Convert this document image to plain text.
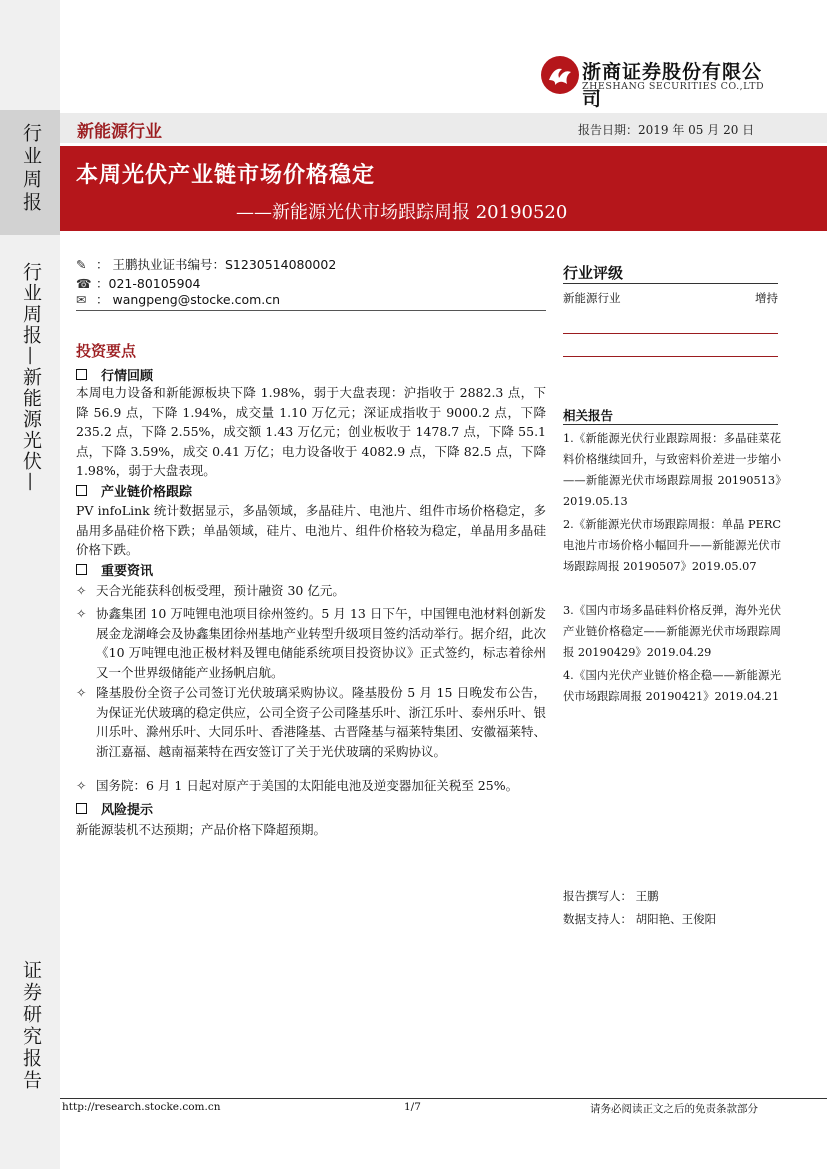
行业周报
行业周报—新能源光伏—
证券研究报告
浙商证券股份有限公司
ZHESHANG SECURITIES CO.,LTD
新能源行业	报告日期：2019 年 05 月 20 日
本周光伏产业链市场价格稳定
——新能源光伏市场跟踪周报 20190520
✎ ： 王鹏执业证书编号：S1230514080002
☎ ：021-80105904
✉ ： wangpeng@stocke.com.cn
投资要点
行情回顾
本周电力设备和新能源板块下降 1.98%，弱于大盘表现：沪指收于 2882.3 点，下降 56.9 点，下降 1.94%，成交量 1.10 万亿元；深证成指收于 9000.2 点，下降 235.2 点，下降 2.55%，成交额 1.43 万亿元；创业板收于 1478.7 点，下降 55.1 点，下降 3.59%，成交 0.41 万亿；电力设备收于 4082.9 点，下降 82.5 点，下降 1.98%，弱于大盘表现。
产业链价格跟踪
PV infoLink 统计数据显示，多晶领域，多晶硅片、电池片、组件市场价格稳定，多晶用多晶硅价格下跌；单晶领域，硅片、电池片、组件价格较为稳定，单晶用多晶硅价格下跌。
重要资讯
✧ 天合光能获科创板受理，预计融资 30 亿元。
✧ 协鑫集团 10 万吨锂电池项目徐州签约。5 月 13 日下午，中国锂电池材料创新发展金龙湖峰会及协鑫集团徐州基地产业转型升级项目签约活动举行。据介绍，此次《10 万吨锂电池正极材料及锂电储能系统项目投资协议》正式签约，标志着徐州又一个世界级储能产业扬帆启航。
✧ 隆基股份全资子公司签订光伏玻璃采购协议。隆基股份 5 月 15 日晚发布公告，为保证光伏玻璃的稳定供应，公司全资子公司隆基乐叶、浙江乐叶、泰州乐叶、银川乐叶、滁州乐叶、大同乐叶、香港隆基、古晋隆基与福莱特集团、安徽福莱特、浙江嘉福、越南福莱特在西安签订了关于光伏玻璃的采购协议。
✧ 国务院：6 月 1 日起对原产于美国的太阳能电池及逆变器加征关税至 25%。
风险提示
新能源装机不达预期；产品价格下降超预期。
行业评级
新能源行业	增持
相关报告
1.《新能源光伏行业跟踪周报：多晶硅菜花料价格继续回升，与致密料价差进一步缩小——新能源光伏市场跟踪周报 20190513》2019.05.13
2.《新能源光伏市场跟踪周报：单晶 PERC 电池片市场价格小幅回升——新能源光伏市场跟踪周报 20190507》2019.05.07
3.《国内市场多晶硅料价格反弹，海外光伏产业链价格稳定——新能源光伏市场跟踪周报 20190429》2019.04.29
4.《国内光伏产业链价格企稳——新能源光伏市场跟踪周报 20190421》2019.04.21
报告撰写人： 王鹏
数据支持人： 胡阳艳、王俊阳
http://research.stocke.com.cn	1/7	请务必阅读正文之后的免责条款部分
